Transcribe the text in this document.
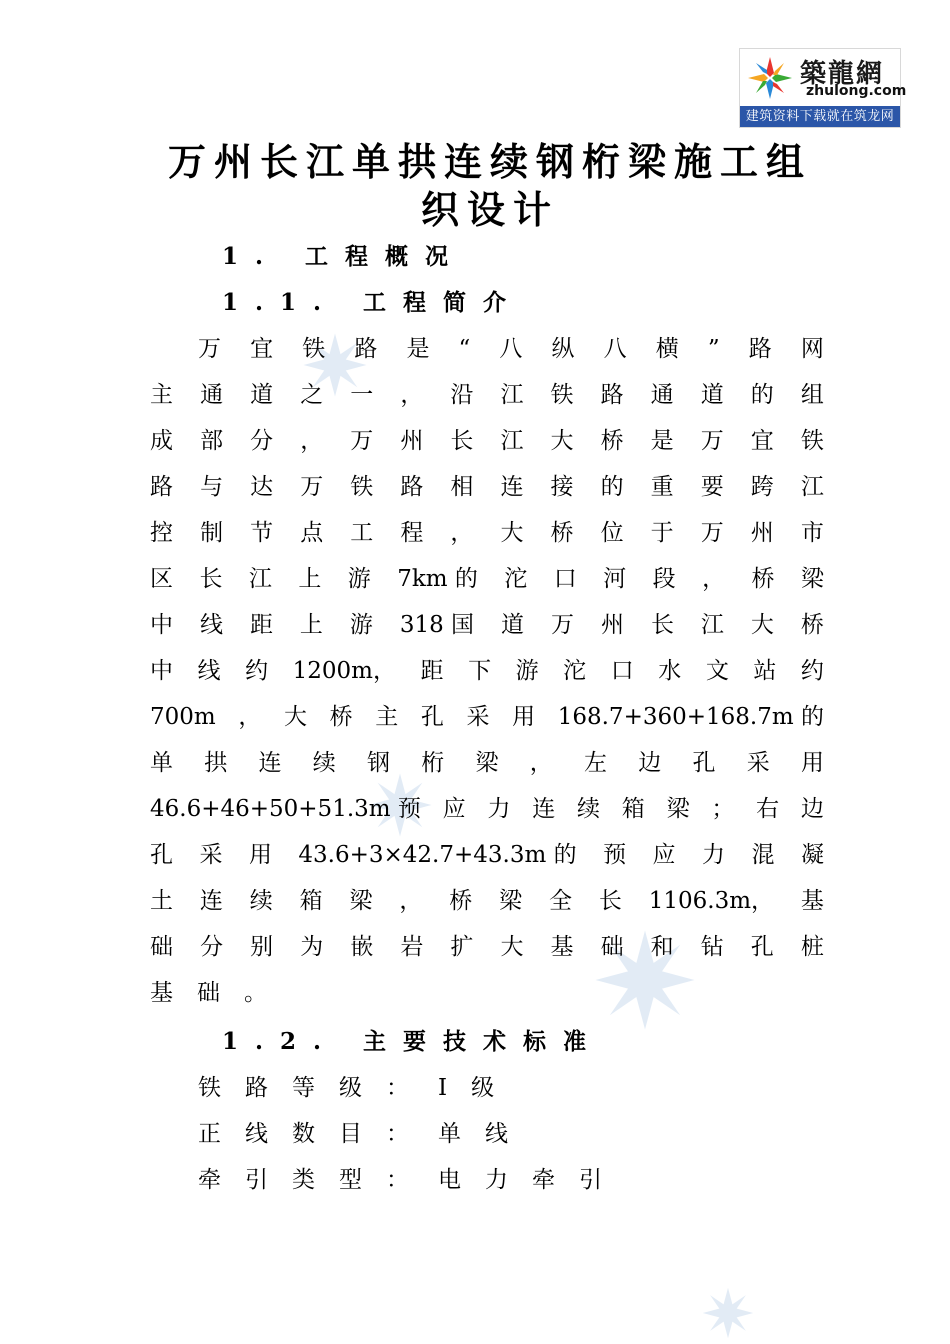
築龍網
zhulong.com
建筑资料下载就在筑龙网
万州长江单拱连续钢桁梁施工组织设计
1. 工程概况
1.1. 工程简介
万 宜 铁 路 是 “ 八 纵 八 横 ” 路 网
主 通 道 之 一 ， 沿 江 铁 路 通 道 的 组
成 部 分 ， 万 州 长 江 大 桥 是 万 宜 铁
路 与 达 万 铁 路 相 连 接 的 重 要 跨 江
控 制 节 点 工 程 ， 大 桥 位 于 万 州 市
区 长 江 上 游 7km 的 沱 口 河 段 ， 桥 梁
中 线 距 上 游 318 国 道 万 州 长 江 大 桥
中 线 约 1200m， 距 下 游 沱 口 水 文 站 约
700m ， 大 桥 主 孔 采 用 168.7+360+168.7m 的
单 拱 连 续 钢 桁 梁 ， 左 边 孔 采 用
46.6+46+50+51.3m 预 应 力 连 续 箱 梁 ； 右 边
孔 采 用 43.6+3×42.7+43.3m 的 预 应 力 混 凝
土 连 续 箱 梁 ， 桥 梁 全 长 1106.3m， 基
础 分 别 为 嵌 岩 扩 大 基 础 和 钻 孔 桩
基础。
1.2. 主要技术标准
铁路等级： Ⅰ级
正线数目： 单线
牵引类型： 电力牵引
